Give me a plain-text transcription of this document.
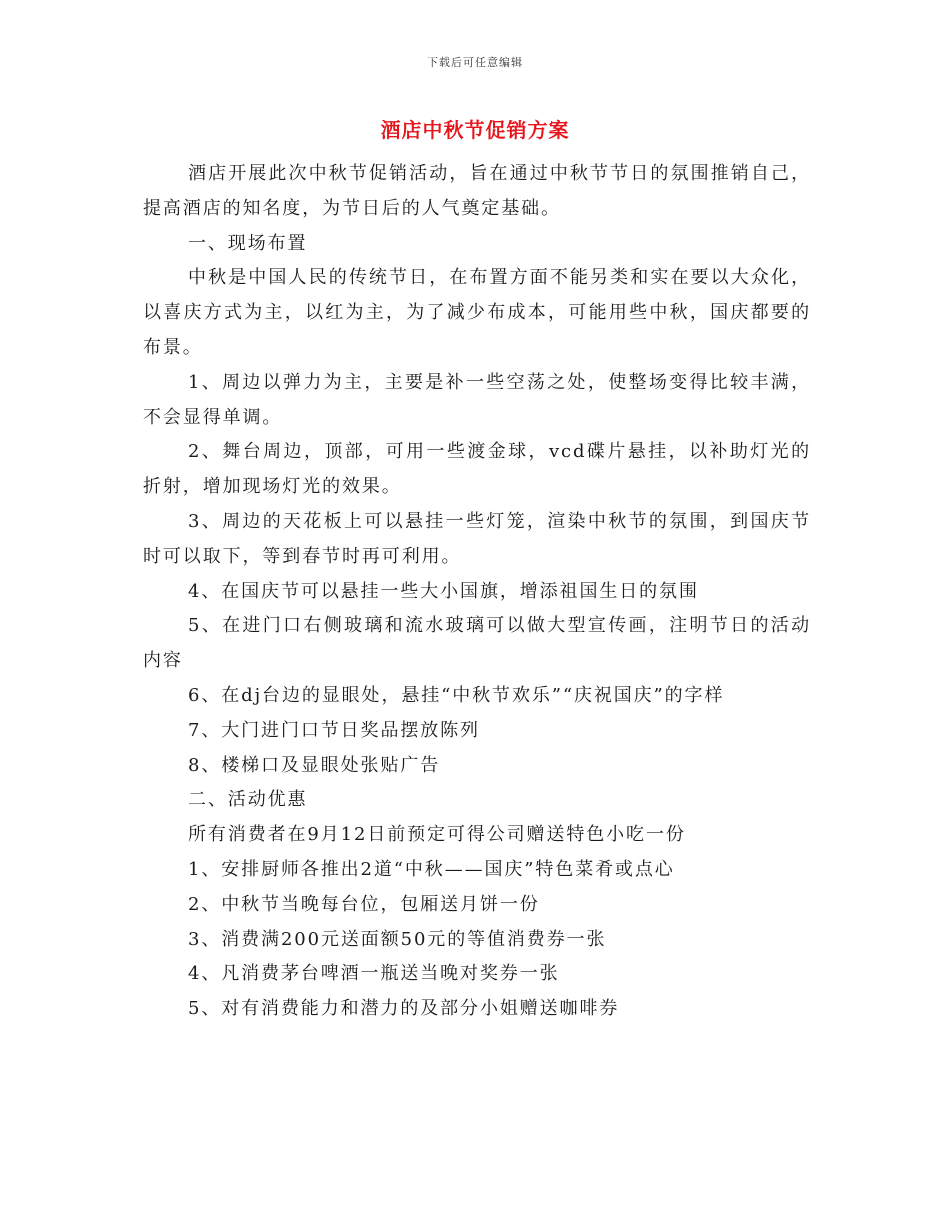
下载后可任意编辑
酒店中秋节促销方案

酒店开展此次中秋节促销活动，旨在通过中秋节节日的氛围推销自己，提高酒店的知名度，为节日后的人气奠定基础。

一、现场布置

中秋是中国人民的传统节日，在布置方面不能另类和实在要以大众化，以喜庆方式为主，以红为主，为了减少布成本，可能用些中秋，国庆都要的布景。

1、周边以弹力为主，主要是补一些空荡之处，使整场变得比较丰满，不会显得单调。

2、舞台周边，顶部，可用一些渡金球，vcd碟片悬挂，以补助灯光的折射，增加现场灯光的效果。

3、周边的天花板上可以悬挂一些灯笼，渲染中秋节的氛围，到国庆节时可以取下，等到春节时再可利用。

4、在国庆节可以悬挂一些大小国旗，增添祖国生日的氛围

5、在进门口右侧玻璃和流水玻璃可以做大型宣传画，注明节日的活动内容

6、在dj台边的显眼处，悬挂“中秋节欢乐”“庆祝国庆”的字样

7、大门进门口节日奖品摆放陈列

8、楼梯口及显眼处张贴广告

二、活动优惠

所有消费者在9月12日前预定可得公司赠送特色小吃一份

1、安排厨师各推出2道“中秋——国庆”特色菜肴或点心

2、中秋节当晚每台位，包厢送月饼一份

3、消费满200元送面额50元的等值消费券一张

4、凡消费茅台啤酒一瓶送当晚对奖券一张

5、对有消费能力和潜力的及部分小姐赠送咖啡券
